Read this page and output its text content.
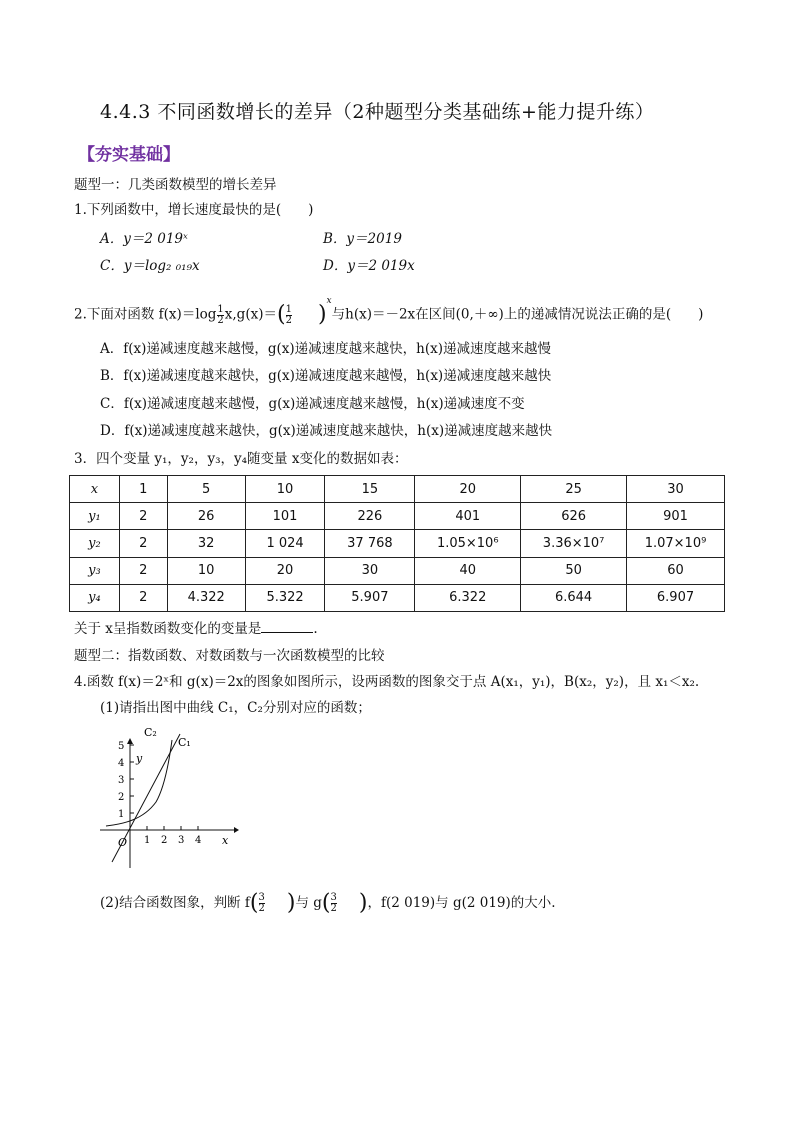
4.4.3 不同函数增长的差异（2种题型分类基础练+能力提升练）
【夯实基础】
题型一：几类函数模型的增长差异
1.下列函数中，增长速度最快的是(　　)
A．y＝2 019ˣ	B．y＝2019
C．y＝log₂ ₀₁₉x	D．y＝2 019x
2.下面对函数 $f(x)=\log \frac{1}{2} x,g(x)=( \frac{1}{2} )^x$与h(x)＝－2x在区间(0,＋∞)上的递减情况说法正确的是(　　)
A．f(x)递减速度越来越慢，g(x)递减速度越来越快，h(x)递减速度越来越慢
B．f(x)递减速度越来越快，g(x)递减速度越来越慢，h(x)递减速度越来越快
C．f(x)递减速度越来越慢，g(x)递减速度越来越慢，h(x)递减速度不变
D．f(x)递减速度越来越快，g(x)递减速度越来越快，h(x)递减速度越来越快
3．四个变量 y₁，y₂，y₃，y₄随变量 x变化的数据如表：
x	1	5	10	15	20	25	30
y₁	2	26	101	226	401	626	901
y₂	2	32	1 024	37 768	1.05×10⁶	3.36×10⁷	1.07×10⁹
y₃	2	10	20	30	40	50	60
y₄	2	4.322	5.322	5.907	6.322	6.644	6.907
关于 x呈指数函数变化的变量是	.
题型二：指数函数、对数函数与一次函数模型的比较
4.函数 f(x)＝2ˣ和 g(x)＝2x的图象如图所示，设两函数的图象交于点 A(x₁，y₁)，B(x₂，y₂)，且 x₁＜x₂.
(1)请指出图中曲线 C₁，C₂分别对应的函数；
1 2 3 4
1
2
3
4
5
C₂
C₁
y
x
O
(2)结合函数图象，判断 $f( \frac{3}{2}$ )与 $g( \frac{3}{2}$ )，f(2 019)与 g(2 019)的大小.
